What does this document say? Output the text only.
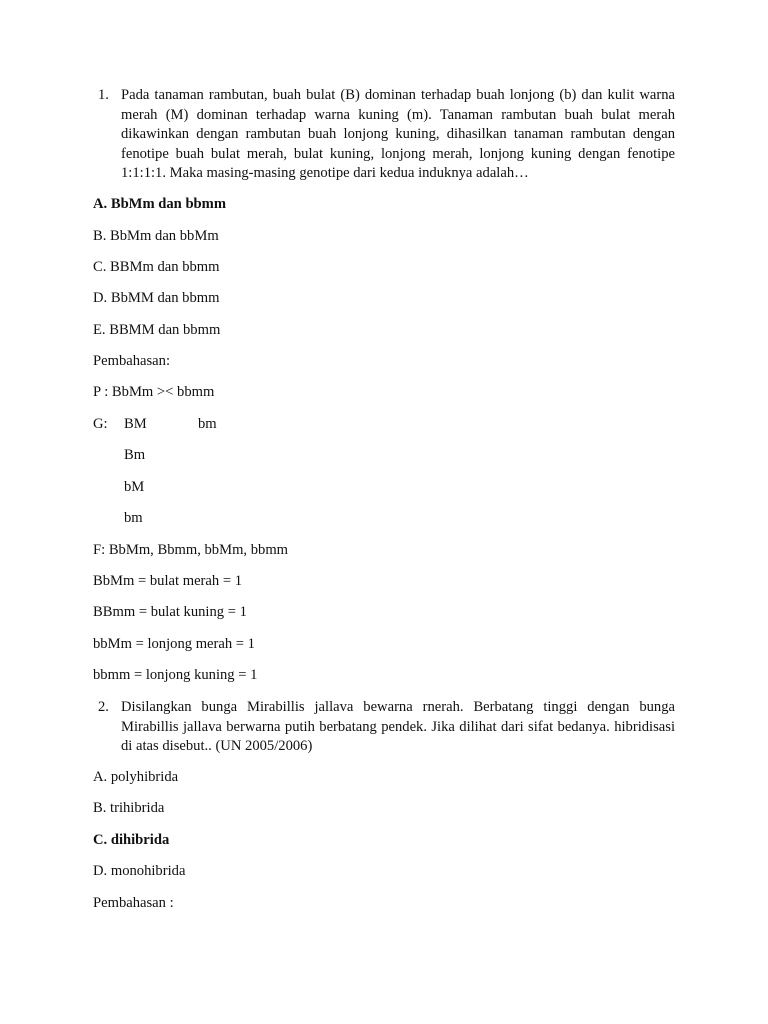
1. Pada tanaman rambutan, buah bulat (B) dominan terhadap buah lonjong (b) dan kulit warna merah (M) dominan terhadap warna kuning (m). Tanaman rambutan buah bulat merah dikawinkan dengan rambutan buah lonjong kuning, dihasilkan tanaman rambutan dengan fenotipe buah bulat merah, bulat kuning, lonjong merah, lonjong kuning dengan fenotipe 1:1:1:1. Maka masing-masing genotipe dari kedua induknya adalah…
A. BbMm dan bbmm
B. BbMm dan bbMm
C. BBMm dan bbmm
D. BbMM dan bbmm
E. BBMM dan bbmm
Pembahasan:
P : BbMm >< bbmm
G: BM	bm
Bm
bM
bm
F: BbMm, Bbmm, bbMm, bbmm
BbMm = bulat merah = 1
BBmm = bulat kuning = 1
bbMm = lonjong merah = 1
bbmm = lonjong kuning = 1
2. Disilangkan bunga Mirabillis jallava bewarna rnerah. Berbatang tinggi dengan bunga Mirabillis jallava berwarna putih berbatang pendek. Jika dilihat dari sifat bedanya. hibridisasi di atas disebut.. (UN 2005/2006)
A. polyhibrida
B. trihibrida
C. dihibrida
D. monohibrida
Pembahasan :
